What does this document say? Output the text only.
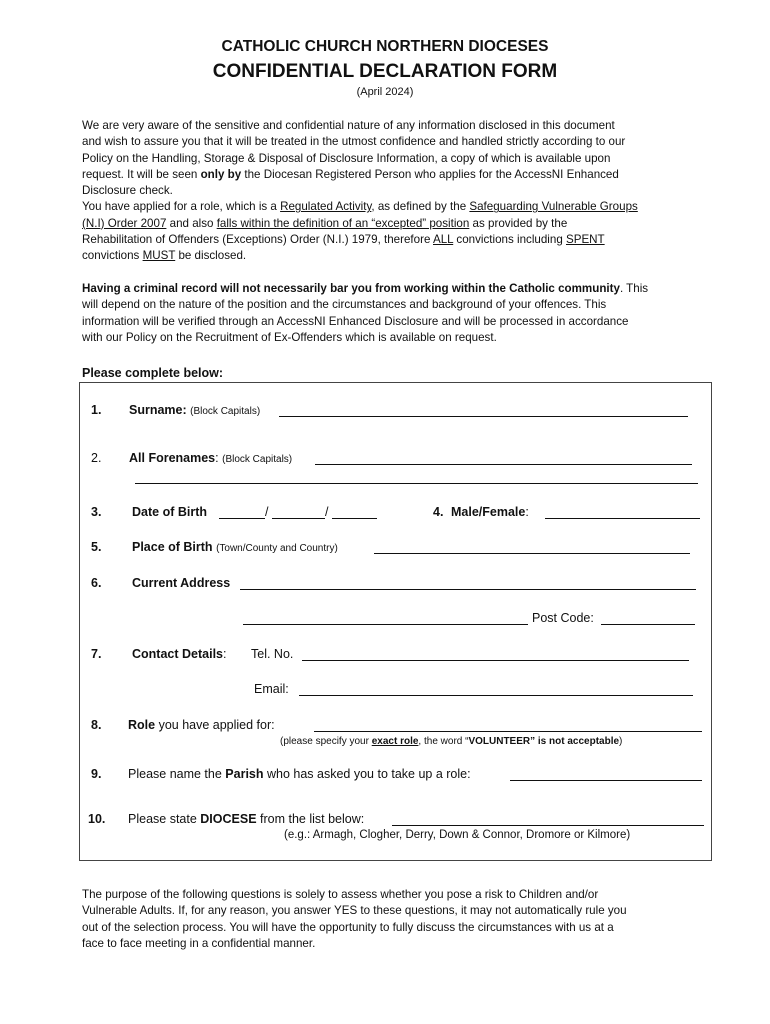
CATHOLIC CHURCH NORTHERN DIOCESES
CONFIDENTIAL DECLARATION FORM
(April 2024)
We are very aware of the sensitive and confidential nature of any information disclosed in this document
and wish to assure you that it will be treated in the utmost confidence and handled strictly according to our
Policy on the Handling, Storage & Disposal of Disclosure Information, a copy of which is available upon
request. It will be seen only by the Diocesan Registered Person who applies for the AccessNI Enhanced
Disclosure check.
You have applied for a role, which is a Regulated Activity, as defined by the Safeguarding Vulnerable Groups
(N.I) Order 2007 and also falls within the definition of an “excepted” position as provided by the
Rehabilitation of Offenders (Exceptions) Order (N.I.) 1979, therefore ALL convictions including SPENT
convictions MUST be disclosed.
Having a criminal record will not necessarily bar you from working within the Catholic community. This
will depend on the nature of the position and the circumstances and background of your offences. This
information will be verified through an AccessNI Enhanced Disclosure and will be processed in accordance
with our Policy on the Recruitment of Ex-Offenders which is available on request.
Please complete below:
1. Surname: (Block Capitals)
2. All Forenames: (Block Capitals)
3. Date of Birth	/	/	4. Male/Female:
5. Place of Birth (Town/County and Country)
6. Current Address
Post Code:
7. Contact Details: Tel. No.
Email:
8. Role you have applied for:
(please specify your exact role, the word “VOLUNTEER” is not acceptable)
9. Please name the Parish who has asked you to take up a role:
10. Please state DIOCESE from the list below:
(e.g.: Armagh, Clogher, Derry, Down & Connor, Dromore or Kilmore)
The purpose of the following questions is solely to assess whether you pose a risk to Children and/or
Vulnerable Adults. If, for any reason, you answer YES to these questions, it may not automatically rule you
out of the selection process. You will have the opportunity to fully discuss the circumstances with us at a
face to face meeting in a confidential manner.
